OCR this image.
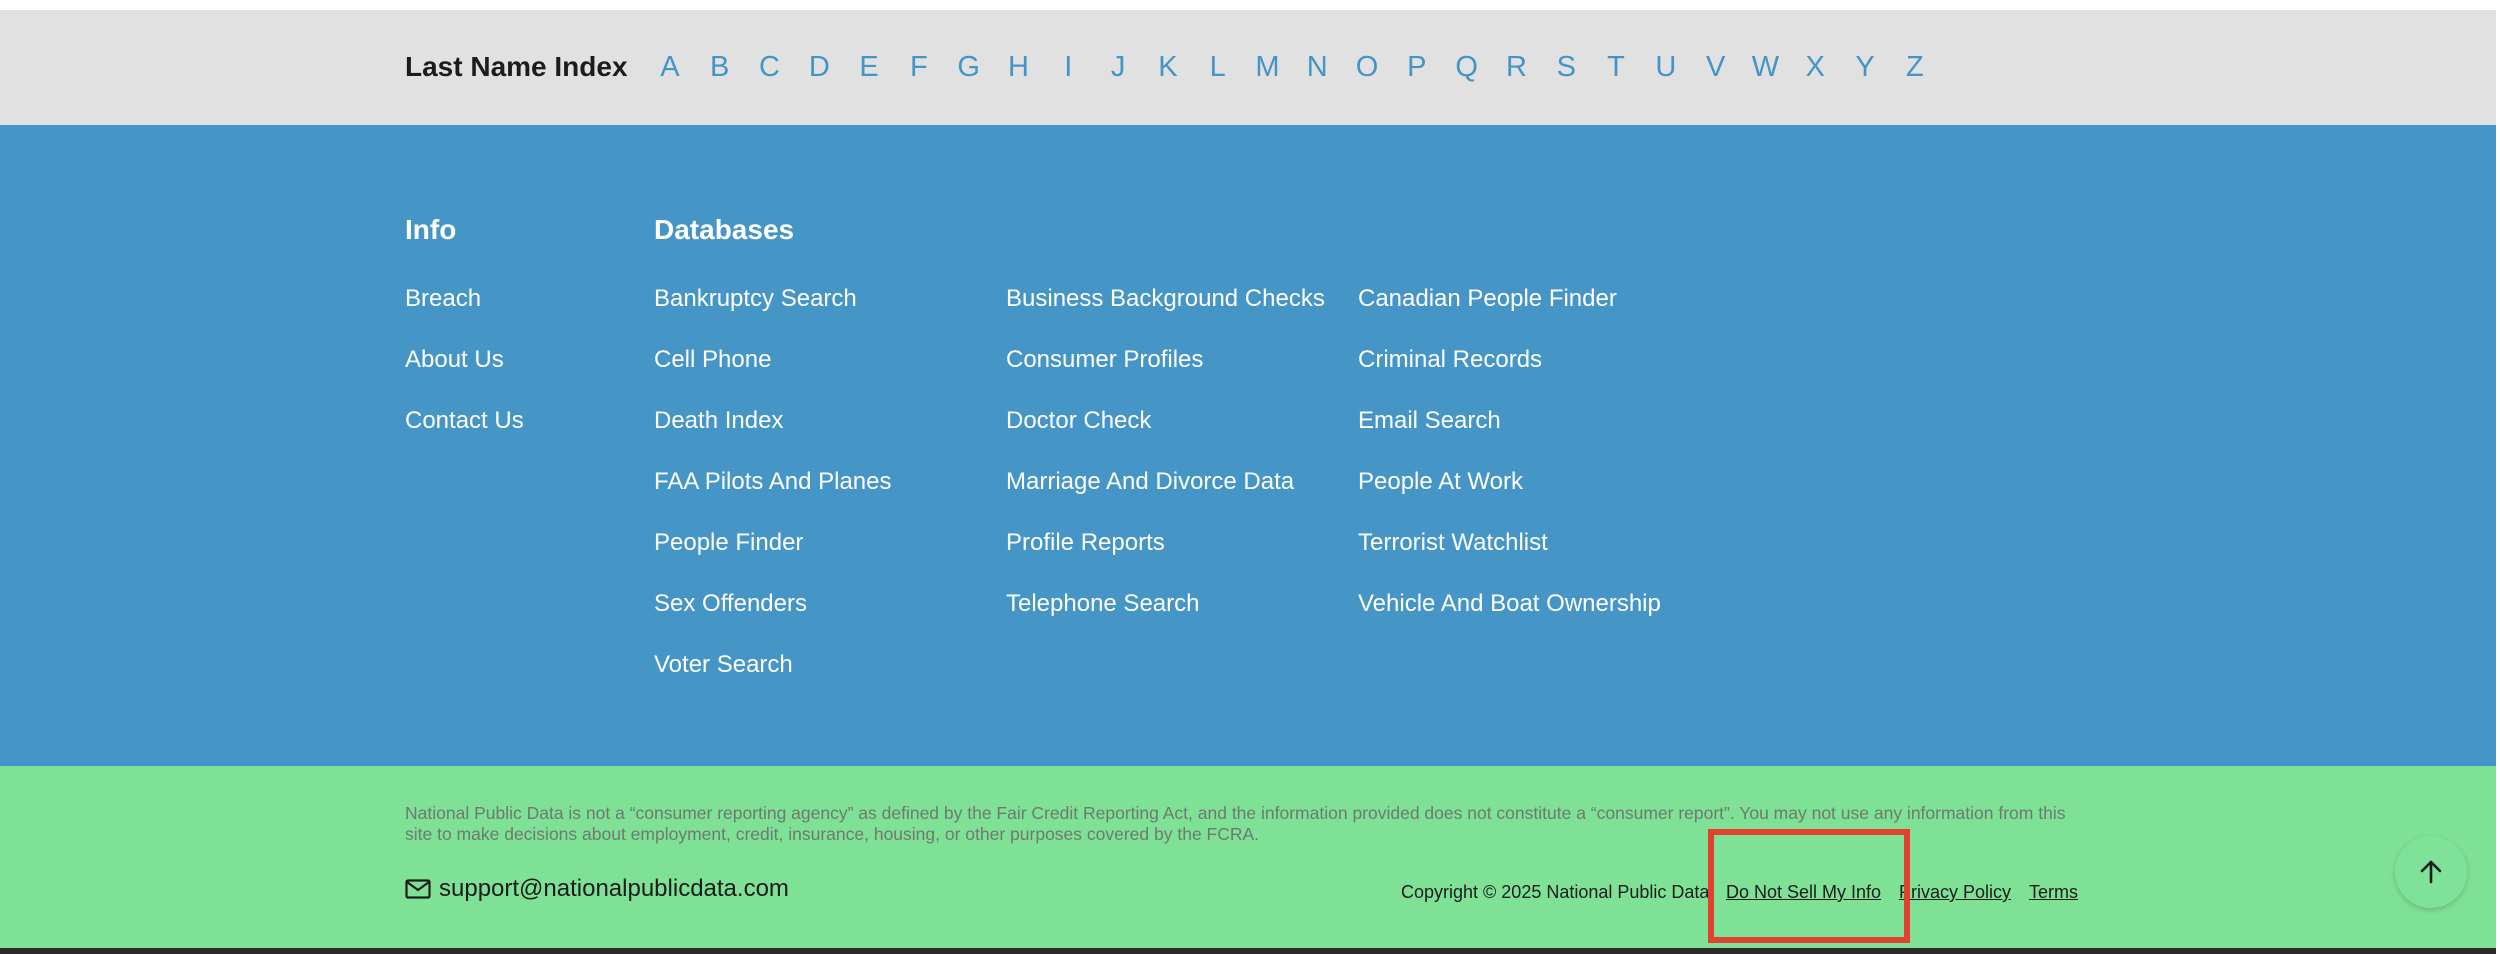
Last Name Index	A	B	C D	E	F	G H	I	J	K	L	M N O P Q R	S	T	U	V W X	Y	Z
Info	Databases
Breach
About Us
Contact Us
Bankruptcy Search
Cell Phone
Death Index
FAA Pilots And Planes
People Finder
Sex Offenders
Voter Search
Business Background Checks
Consumer Profiles
Doctor Check
Marriage And Divorce Data
Profile Reports
Telephone Search
Canadian People Finder
Criminal Records
Email Search
People At Work
Terrorist Watchlist
Vehicle And Boat Ownership

National Public Data is not a “consumer reporting agency” as defined by the Fair Credit Reporting Act, and the information provided does not constitute a “consumer report”. You may not use any information from this site to make decisions about employment, credit, insurance, housing, or other purposes covered by the FCRA.

support@nationalpublicdata.com	Copyright © 2025 National Public Data Do Not Sell My Info Privacy Policy Terms
